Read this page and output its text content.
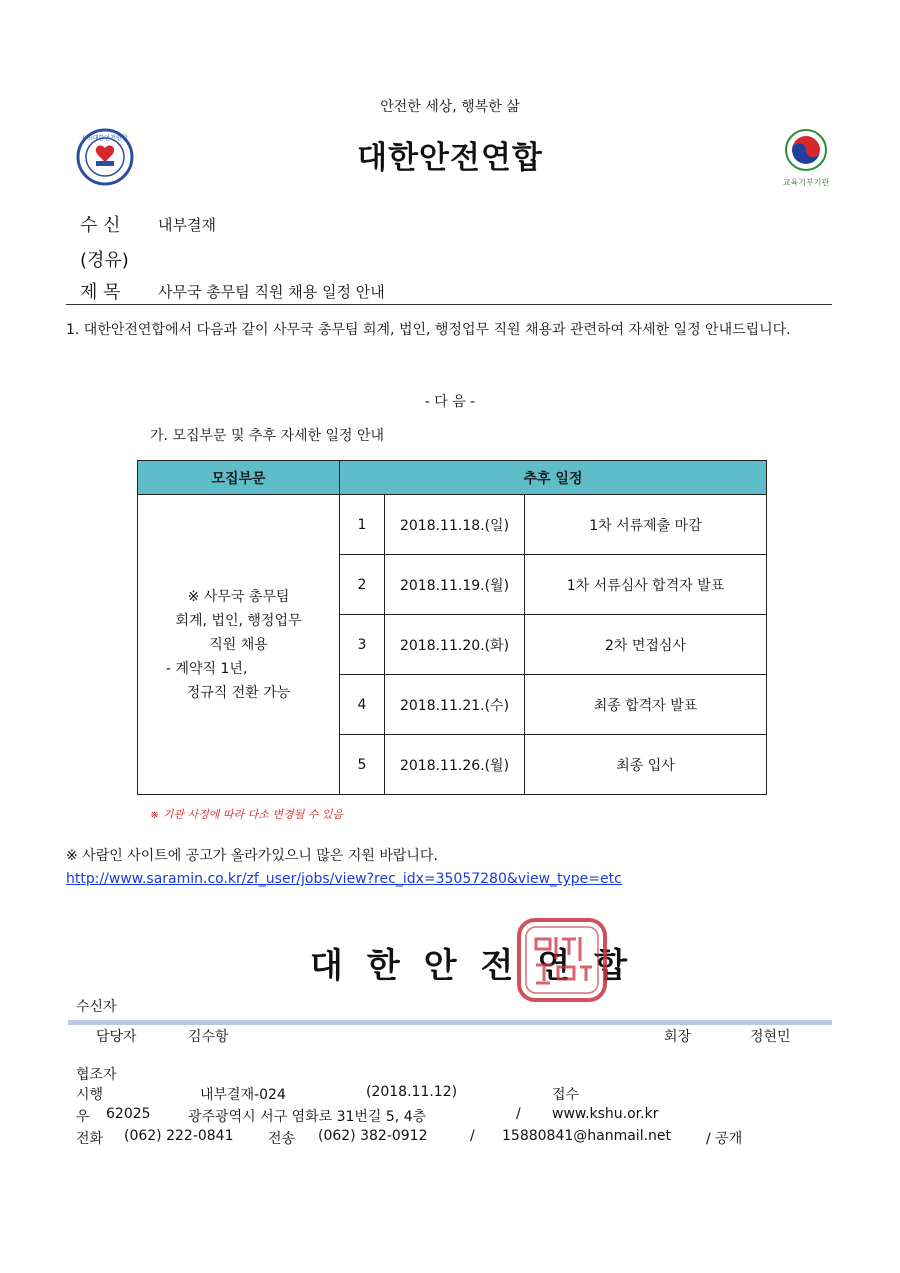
안전한 세상, 행복한 삶
(사)대한안전연합
대한안전연합
교육기부기관
수 신	내부결재
(경유)
제 목	사무국 총무팀 직원 채용 일정 안내
1. 대한안전연합에서 다음과 같이 사무국 총무팀 회계, 법인, 행정업무 직원 채용과 관련하여 자세한 일정 안내드립니다.
- 다 음 -
가. 모집부문 및 추후 자세한 일정 안내
모집부문	추후 일정		

※ 사무국 총무팀
회계, 법인, 행정업무
직원 채용
- 계약직 1년,
정규직 전환 가능	1	2018.11.18.(일)	1차 서류제출 마감
	2	2018.11.19.(월)	1차 서류심사 합격자 발표
	3	2018.11.20.(화)	2차 면접심사
	4	2018.11.21.(수)	최종 합격자 발표
	5	2018.11.26.(월)	최종 입사
※ 기관 사정에 따라 다소 변경될 수 있음
※ 사람인 사이트에 공고가 올라가있으니 많은 지원 바랍니다.
http://www.saramin.co.kr/zf_user/jobs/view?rec_idx=35057280&view_type=etc
대한안전연합
수신자
담당자	김수항	회장	정현민
협조자
시행	내부결재-024	(2018.11.12)	접수
우 62025	광주광역시 서구 염화로 31번길 5, 4층	/ www.kshu.or.kr
전화 (062) 222-0841 전송 (062) 382-0912	/ 15880841@hanmail.net / 공개
